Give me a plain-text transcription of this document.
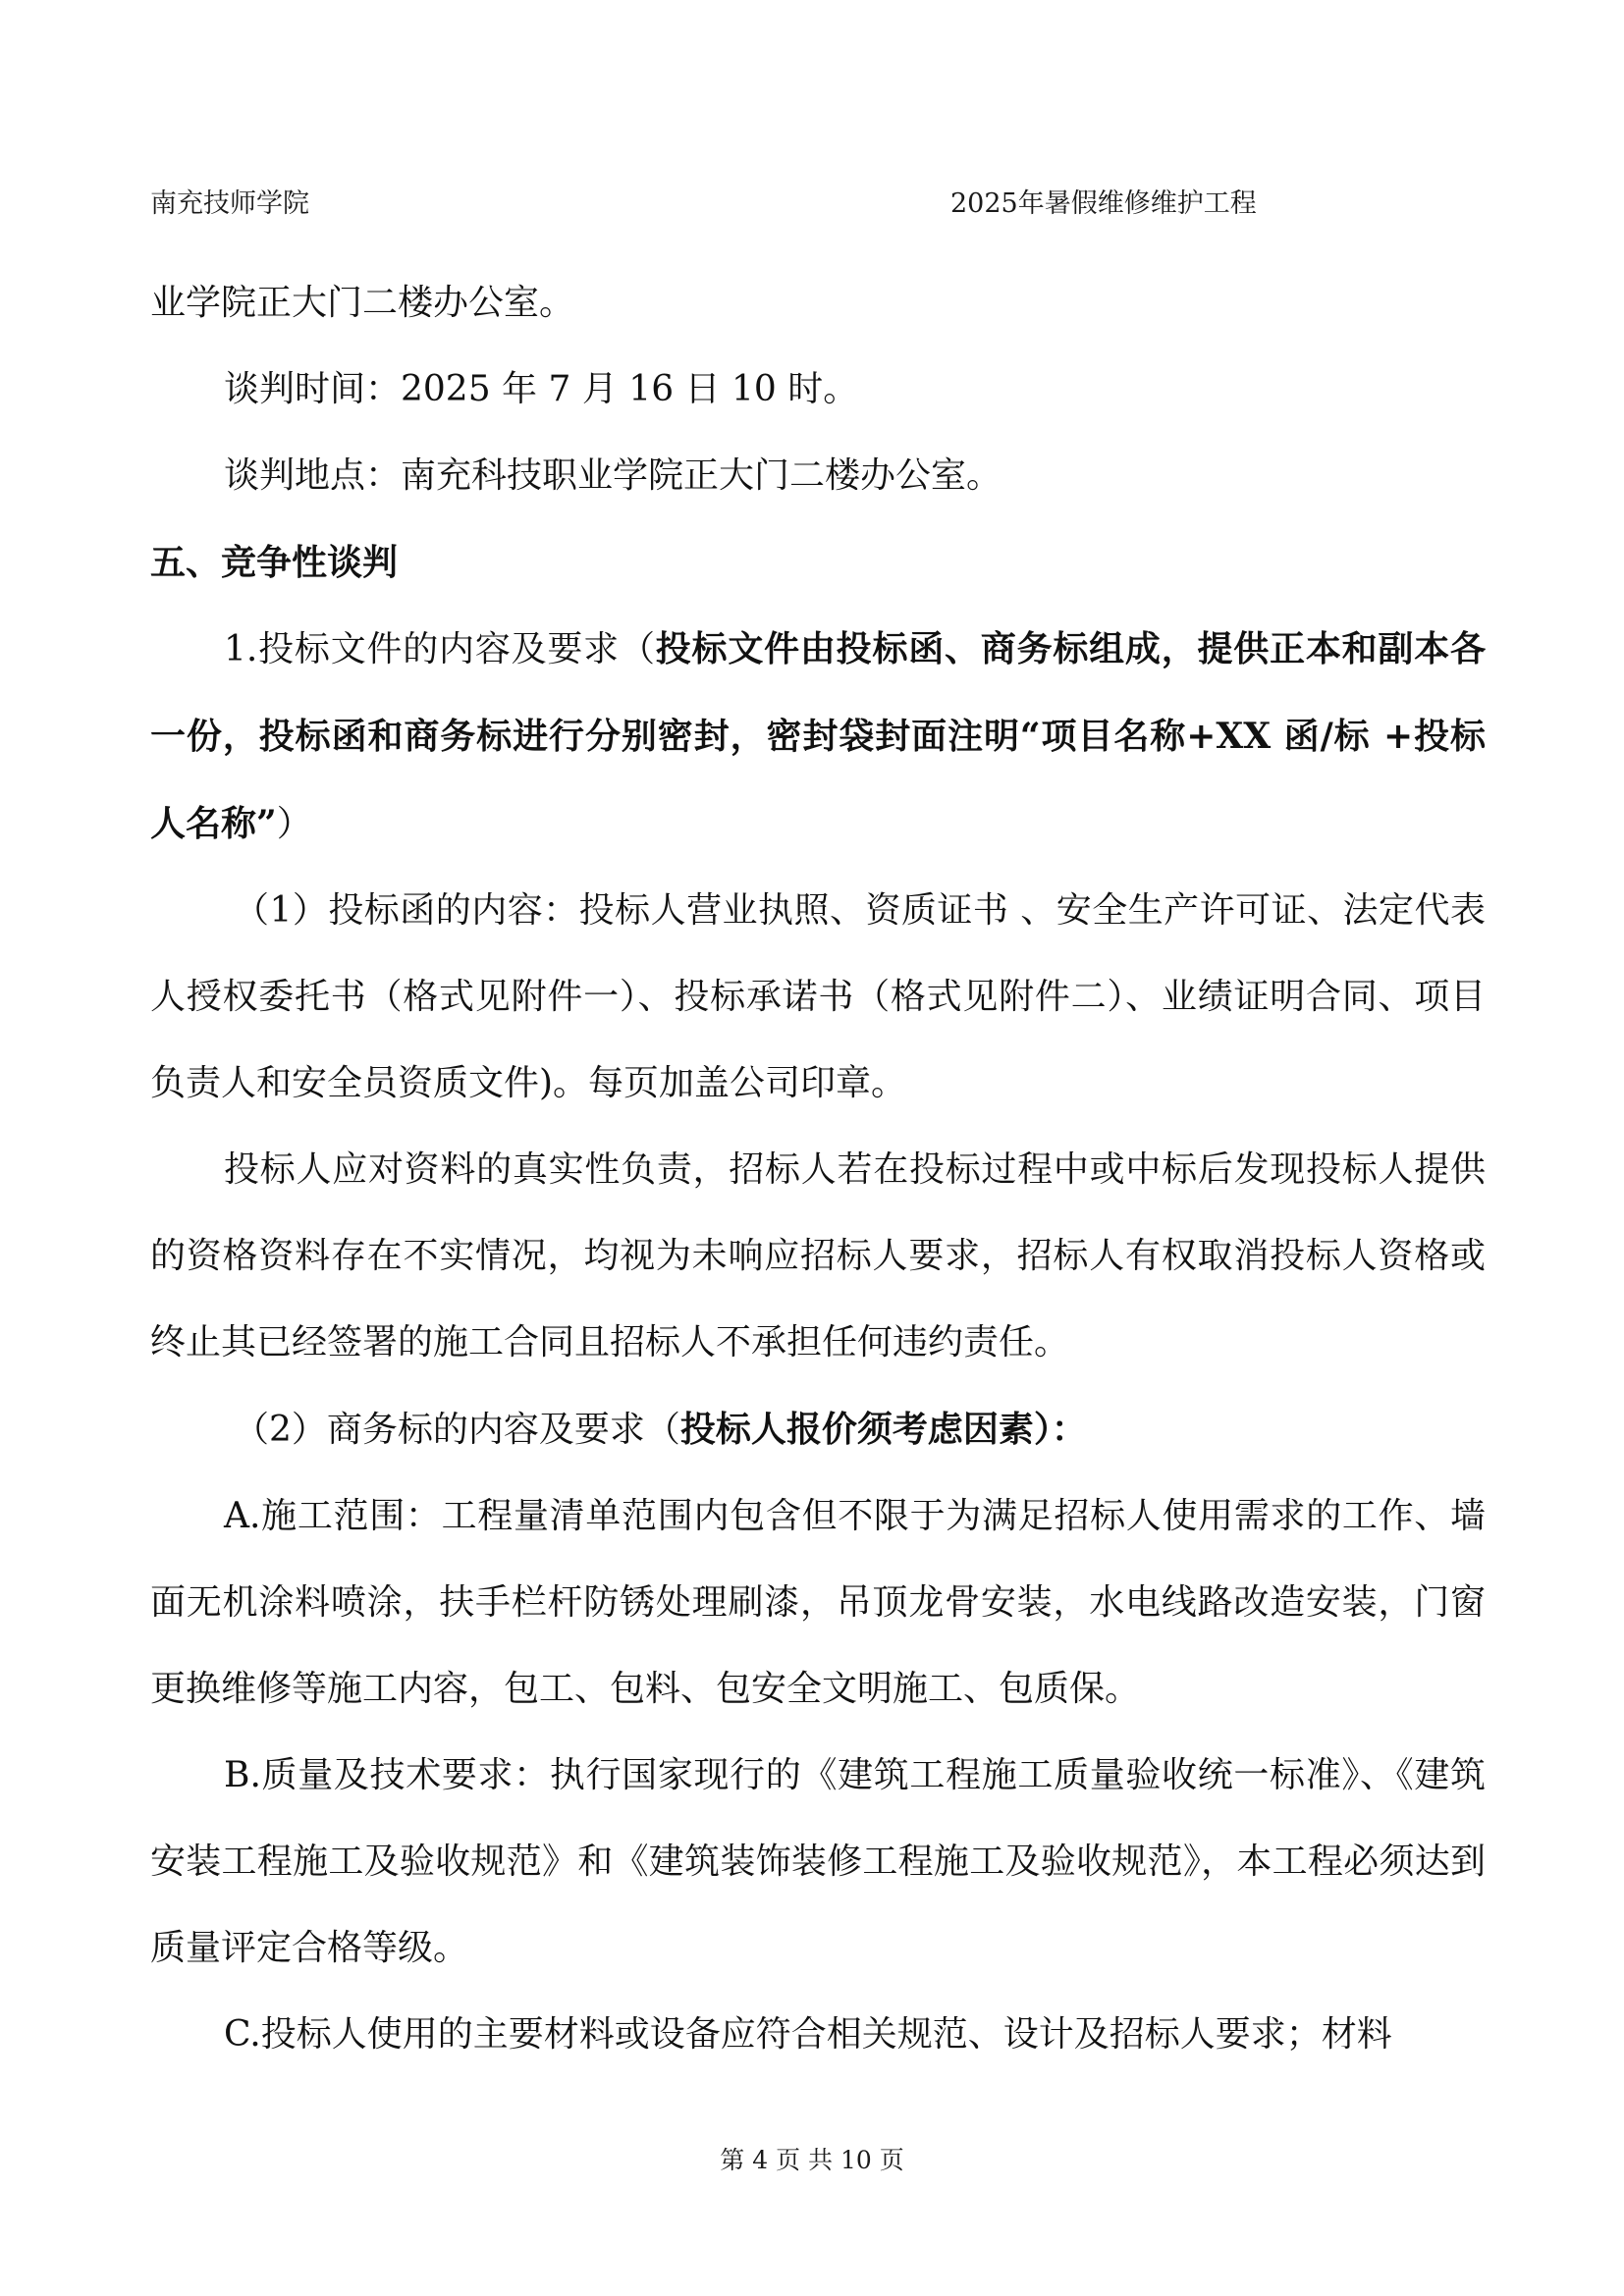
南充技师学院	2025年暑假维修维护工程

业学院正大门二楼办公室。

谈判时间：2025 年 7 月 16 日 10 时。

谈判地点：南充科技职业学院正大门二楼办公室。

五、竞争性谈判

1.投标文件的内容及要求（投标文件由投标函、商务标组成，提供正本和副本各一份，投标函和商务标进行分别密封，密封袋封面注明“项目名称+XX 函/标 +投标人名称”）

（1）投标函的内容：投标人营业执照、资质证书 、安全生产许可证、法定代表人授权委托书（格式见附件一）、投标承诺书（格式见附件二）、业绩证明合同、项目负责人和安全员资质文件)。每页加盖公司印章。

投标人应对资料的真实性负责，招标人若在投标过程中或中标后发现投标人提供的资格资料存在不实情况，均视为未响应招标人要求，招标人有权取消投标人资格或终止其已经签署的施工合同且招标人不承担任何违约责任。

（2）商务标的内容及要求（投标人报价须考虑因素）：

A.施工范围：工程量清单范围内包含但不限于为满足招标人使用需求的工作、墙面无机涂料喷涂，扶手栏杆防锈处理刷漆，吊顶龙骨安装，水电线路改造安装，门窗更换维修等施工内容，包工、包料、包安全文明施工、包质保。

B.质量及技术要求：执行国家现行的《建筑工程施工质量验收统一标准》、《建筑安装工程施工及验收规范》和《建筑装饰装修工程施工及验收规范》，本工程必须达到质量评定合格等级。

C.投标人使用的主要材料或设备应符合相关规范、设计及招标人要求；材料

第 4 页 共 10 页
